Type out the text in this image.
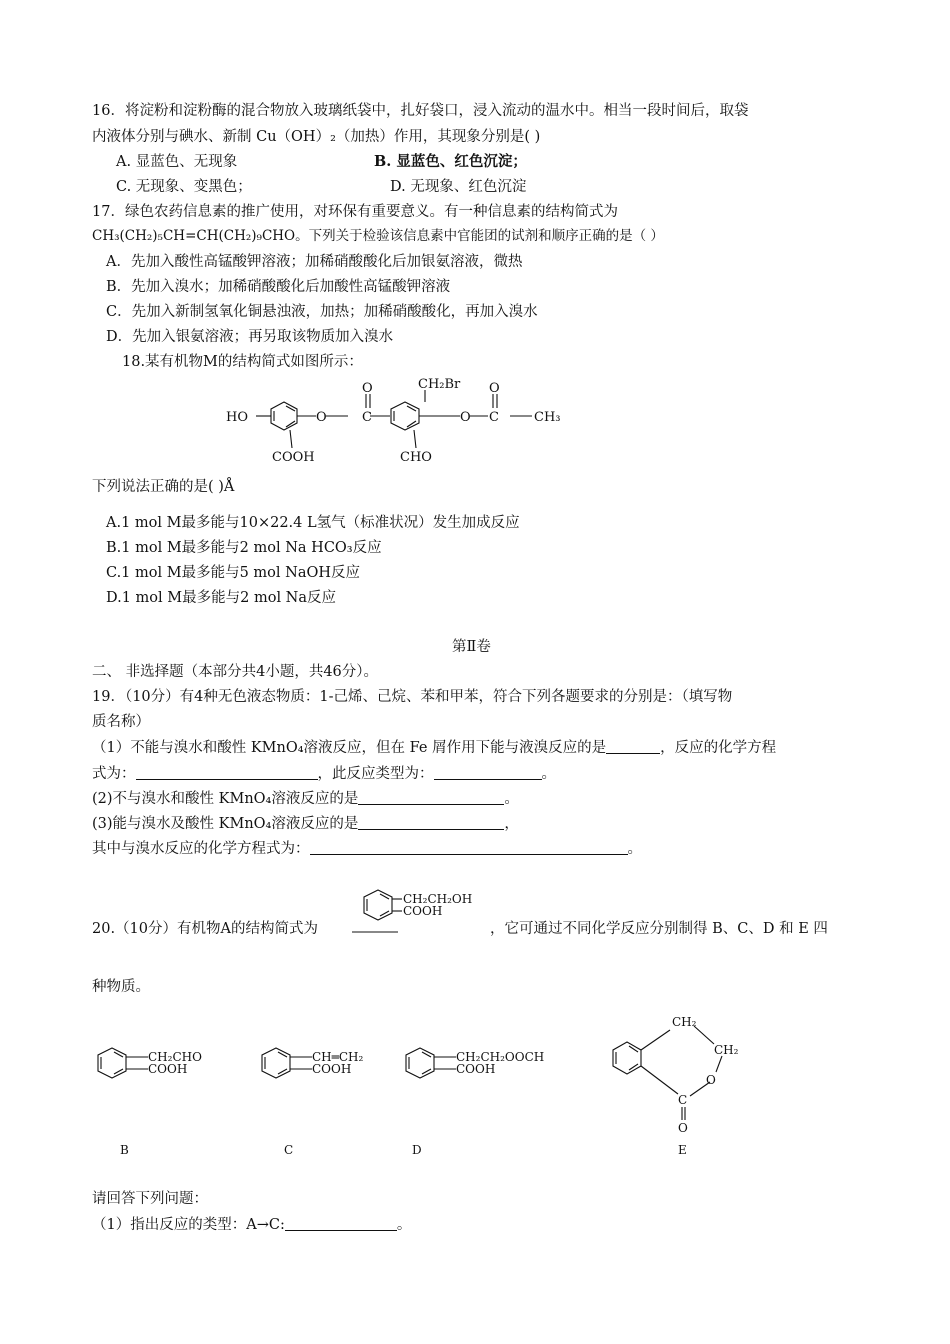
16．将淀粉和淀粉酶的混合物放入玻璃纸袋中，扎好袋口，浸入流动的温水中。相当一段时间后，取袋
内液体分别与碘水、新制 Cu（OH）₂（加热）作用，其现象分别是( )
A. 显蓝色、无现象	B. 显蓝色、红色沉淀；
C. 无现象、变黑色；	D. 无现象、红色沉淀
17．绿色农药信息素的推广使用，对环保有重要意义。有一种信息素的结构简式为
CH₃(CH₂)₅CH=CH(CH₂)₉CHO。下列关于检验该信息素中官能团的试剂和顺序正确的是（ ）
A．先加入酸性高锰酸钾溶液；加稀硝酸酸化后加银氨溶液，微热
B．先加入溴水；加稀硝酸酸化后加酸性高锰酸钾溶液
C．先加入新制氢氧化铜悬浊液，加热；加稀硝酸酸化，再加入溴水
D．先加入银氨溶液；再另取该物质加入溴水
18.某有机物M的结构简式如图所示：
HO	O
O
C
CH₂Br
O
O
C	CH₃
COOH	CHO
下列说法正确的是( )Å
A.1 mol M最多能与10×22.4 L氢气（标准状况）发生加成反应
B.1 mol M最多能与2 mol Na HCO₃反应
C.1 mol M最多能与5 mol NaOH反应
D.1 mol M最多能与2 mol Na反应
第Ⅱ卷
二、 非选择题（本部分共4小题，共46分）。
19．（10分）有4种无色液态物质：1-己烯、己烷、苯和甲苯，符合下列各题要求的分别是：（填写物
质名称）
（1）不能与溴水和酸性 KMnO₄溶液反应，但在 Fe 屑作用下能与液溴反应的是	，反应的化学方程
式为：	，此反应类型为：	。
(2)不与溴水和酸性 KMnO₄溶液反应的是	。
(3)能与溴水及酸性 KMnO₄溶液反应的是	，
其中与溴水反应的化学方程式为：	。
CH₂CH₂OH
COOH
20.（10分）有机物A的结构简式为	，它可通过不同化学反应分别制得 B、C、D 和 E 四
种物质。
CH₂CHO
COOH
CH═CH₂
COOH
CH₂CH₂OOCH
COOH
CH₂
CH₂
O
C
O
B	C	D	E
请回答下列问题：
（1）指出反应的类型：A→C:	。
